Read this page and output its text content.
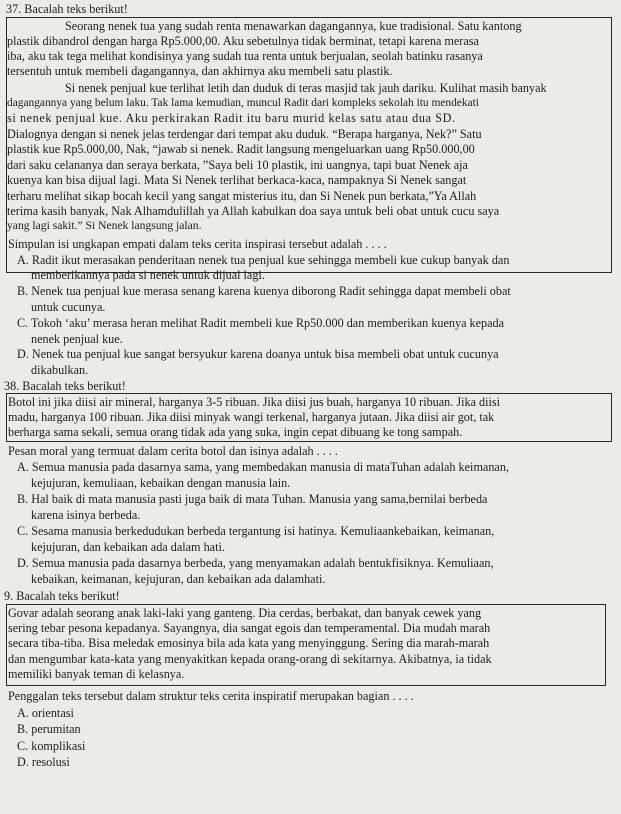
37. Bacalah teks berikut!
Seorang nenek tua yang sudah renta menawarkan dagangannya, kue tradisional. Satu kantong
plastik dibandrol dengan harga Rp5.000,00. Aku sebetulnya tidak berminat, tetapi karena merasa
iba, aku tak tega melihat kondisinya yang sudah tua renta untuk berjualan, seolah batinku rasanya
tersentuh untuk membeli dagangannya, dan akhirnya aku membeli satu plastik.
Si nenek penjual kue terlihat letih dan duduk di teras masjid tak jauh dariku. Kulihat masih banyak
dagangannya yang belum laku. Tak lama kemudian, muncul Radit dari kompleks sekolah itu mendekati
si nenek penjual kue. Aku perkirakan Radit itu baru murid kelas satu atau dua SD.
Dialognya dengan si nenek jelas terdengar dari tempat aku duduk. “Berapa harganya, Nek?” Satu
plastik kue Rp5.000,00, Nak, “jawab si nenek. Radit langsung mengeluarkan uang Rp50.000,00
dari saku celananya dan seraya berkata, ”Saya beli 10 plastik, ini uangnya, tapi buat Nenek aja
kuenya kan bisa dijual lagi. Mata Si Nenek terlihat berkaca-kaca, nampaknya Si Nenek sangat
terharu melihat sikap bocah kecil yang sangat misterius itu, dan Si Nenek pun berkata,”Ya Allah
terima kasih banyak, Nak Alhamdulillah ya Allah kabulkan doa saya untuk beli obat untuk cucu saya
yang lagi sakit.” Si Nenek langsung jalan.
Simpulan isi ungkapan empati dalam teks cerita inspirasi tersebut adalah . . . .
A. Radit ikut merasakan penderitaan nenek tua penjual kue sehingga membeli kue cukup banyak dan
memberikannya pada si nenek untuk dijual lagi.
B. Nenek tua penjual kue merasa senang karena kuenya diborong Radit sehingga dapat membeli obat
untuk cucunya.
C. Tokoh ‘aku’ merasa heran melihat Radit membeli kue Rp50.000 dan memberikan kuenya kepada
nenek penjual kue.
D. Nenek tua penjual kue sangat bersyukur karena doanya untuk bisa membeli obat untuk cucunya
dikabulkan.
38. Bacalah teks berikut!
Botol ini jika diisi air mineral, harganya 3-5 ribuan. Jika diisi jus buah, harganya 10 ribuan. Jika diisi
madu, harganya 100 ribuan. Jika diisi minyak wangi terkenal, harganya jutaan. Jika diisi air got, tak
berharga sama sekali, semua orang tidak ada yang suka, ingin cepat dibuang ke tong sampah.
Pesan moral yang termuat dalam cerita botol dan isinya adalah . . . .
A. Semua manusia pada dasarnya sama, yang membedakan manusia di mataTuhan adalah keimanan,
kejujuran, kemuliaan, kebaikan dengan manusia lain.
B. Hal baik di mata manusia pasti juga baik di mata Tuhan. Manusia yang sama,bernilai berbeda
karena isinya berbeda.
C. Sesama manusia berkedudukan berbeda tergantung isi hatinya. Kemuliaankebaikan, keimanan,
kejujuran, dan kebaikan ada dalam hati.
D. Semua manusia pada dasarnya berbeda, yang menyamakan adalah bentukfisiknya. Kemuliaan,
kebaikan, keimanan, kejujuran, dan kebaikan ada dalamhati.
9. Bacalah teks berikut!
Govar adalah seorang anak laki-laki yang ganteng. Dia cerdas, berbakat, dan banyak cewek yang
sering tebar pesona kepadanya. Sayangnya, dia sangat egois dan temperamental. Dia mudah marah
secara tiba-tiba. Bisa meledak emosinya bila ada kata yang menyinggung. Sering dia marah-marah
dan mengumbar kata-kata yang menyakitkan kepada orang-orang di sekitarnya. Akibatnya, ia tidak
memiliki banyak teman di kelasnya.
Penggalan teks tersebut dalam struktur teks cerita inspiratif merupakan bagian . . . .
A. orientasi
B. perumitan
C. komplikasi
D. resolusi
